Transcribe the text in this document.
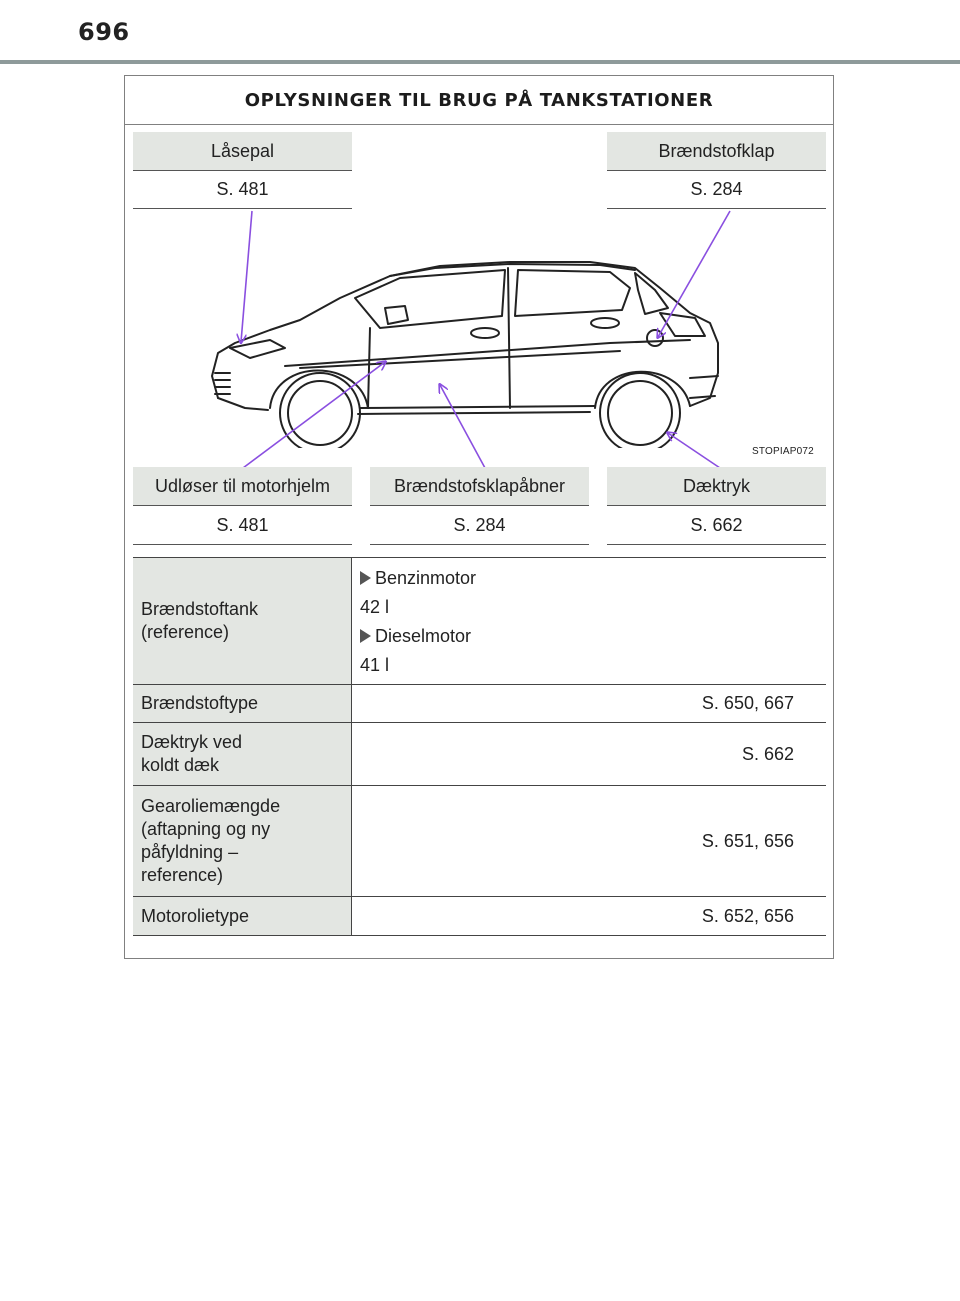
696
OPLYSNINGER TIL BRUG PÅ TANKSTATIONER
Låsepal
S. 481
Brændstofklap
S. 284
STOPIAP072
Udløser til motorhjelm
S. 481
Brændstofsklapåbner
S. 284
Dæktryk
S. 662
Brændstoftank
(reference)
Benzinmotor
42 l
Dieselmotor
41 l
Brændstoftype	S. 650, 667
Dæktryk ved
koldt dæk
S. 662
Gearoliemængde
(aftapning og ny
påfyldning –
reference)
S. 651, 656
Motorolietype	S. 652, 656
